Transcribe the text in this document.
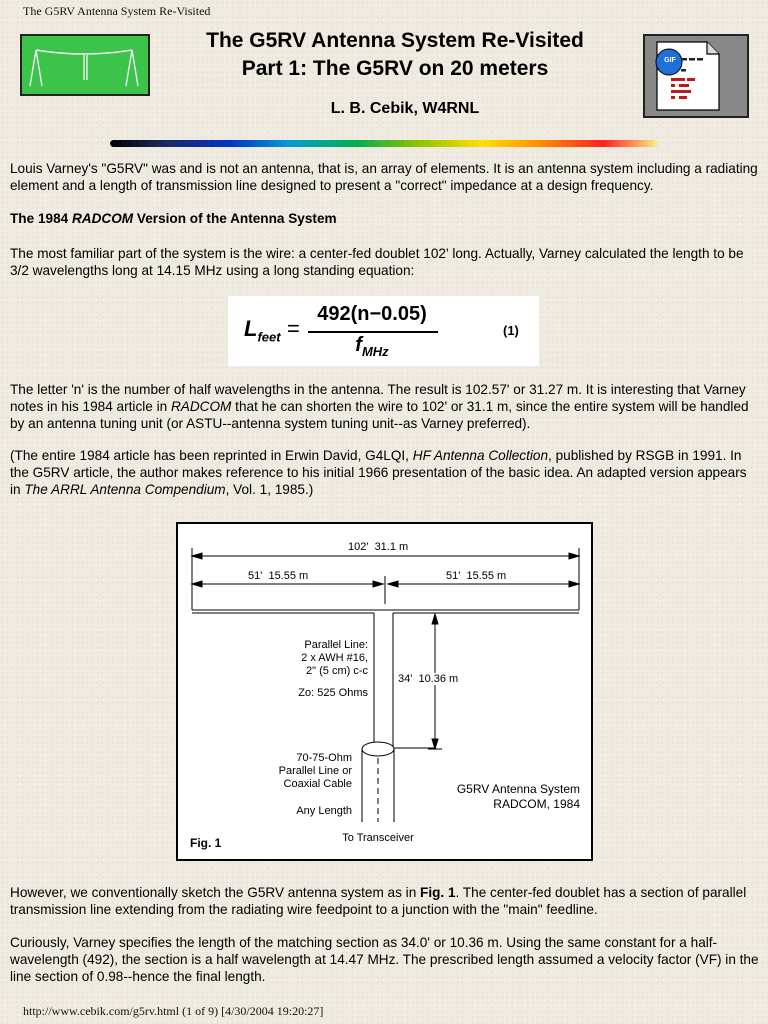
The G5RV Antenna System Re-Visited
The G5RV Antenna System Re-Visited
Part 1: The G5RV on 20 meters	GIF

L. B. Cebik, W4RNL

Louis Varney's "G5RV" was and is not an antenna, that is, an array of elements. It is an antenna system including a radiating element and a length of transmission line designed to present a "correct" impedance at a design frequency.

The 1984 RADCOM Version of the Antenna System

The most familiar part of the system is the wire: a center-fed doublet 102' long. Actually, Varney calculated the length to be 3/2 wavelengths long at 14.15 MHz using a long standing equation:

$L_{feet}$ =
492(n−0.05)
$f_{MHz}$
(1)

The letter 'n' is the number of half wavelengths in the antenna. The result is 102.57' or 31.27 m. It is interesting that Varney notes in his 1984 article in RADCOM that he can shorten the wire to 102' or 31.1 m, since the entire system will be handled by an antenna tuning unit (or ASTU--antenna system tuning unit--as Varney preferred).

(The entire 1984 article has been reprinted in Erwin David, G4LQI, HF Antenna Collection, published by RSGB in 1991. In the G5RV article, the author makes reference to his initial 1966 presentation of the basic idea. An adapted version appears in The ARRL Antenna Compendium, Vol. 1, 1985.)

102'  31.1 m
51'  15.55 m	51'  15.55 m
Parallel Line:
2 x AWH #16,
2" (5 cm) c-c
Zo: 525 Ohms
34'  10.36 m
70-75-Ohm
Parallel Line or
Coaxial Cable
Any Length
To Transceiver
G5RV Antenna System
RADCOM, 1984
Fig. 1

However, we conventionally sketch the G5RV antenna system as in Fig. 1. The center-fed doublet has a section of parallel transmission line extending from the radiating wire feedpoint to a junction with the "main" feedline.

Curiously, Varney specifies the length of the matching section as 34.0' or 10.36 m. Using the same constant for a half-wavelength (492), the section is a half wavelength at 14.47 MHz. The prescribed length assumed a velocity factor (VF) in the line section of 0.98--hence the final length.

http://www.cebik.com/g5rv.html (1 of 9) [4/30/2004 19:20:27]
